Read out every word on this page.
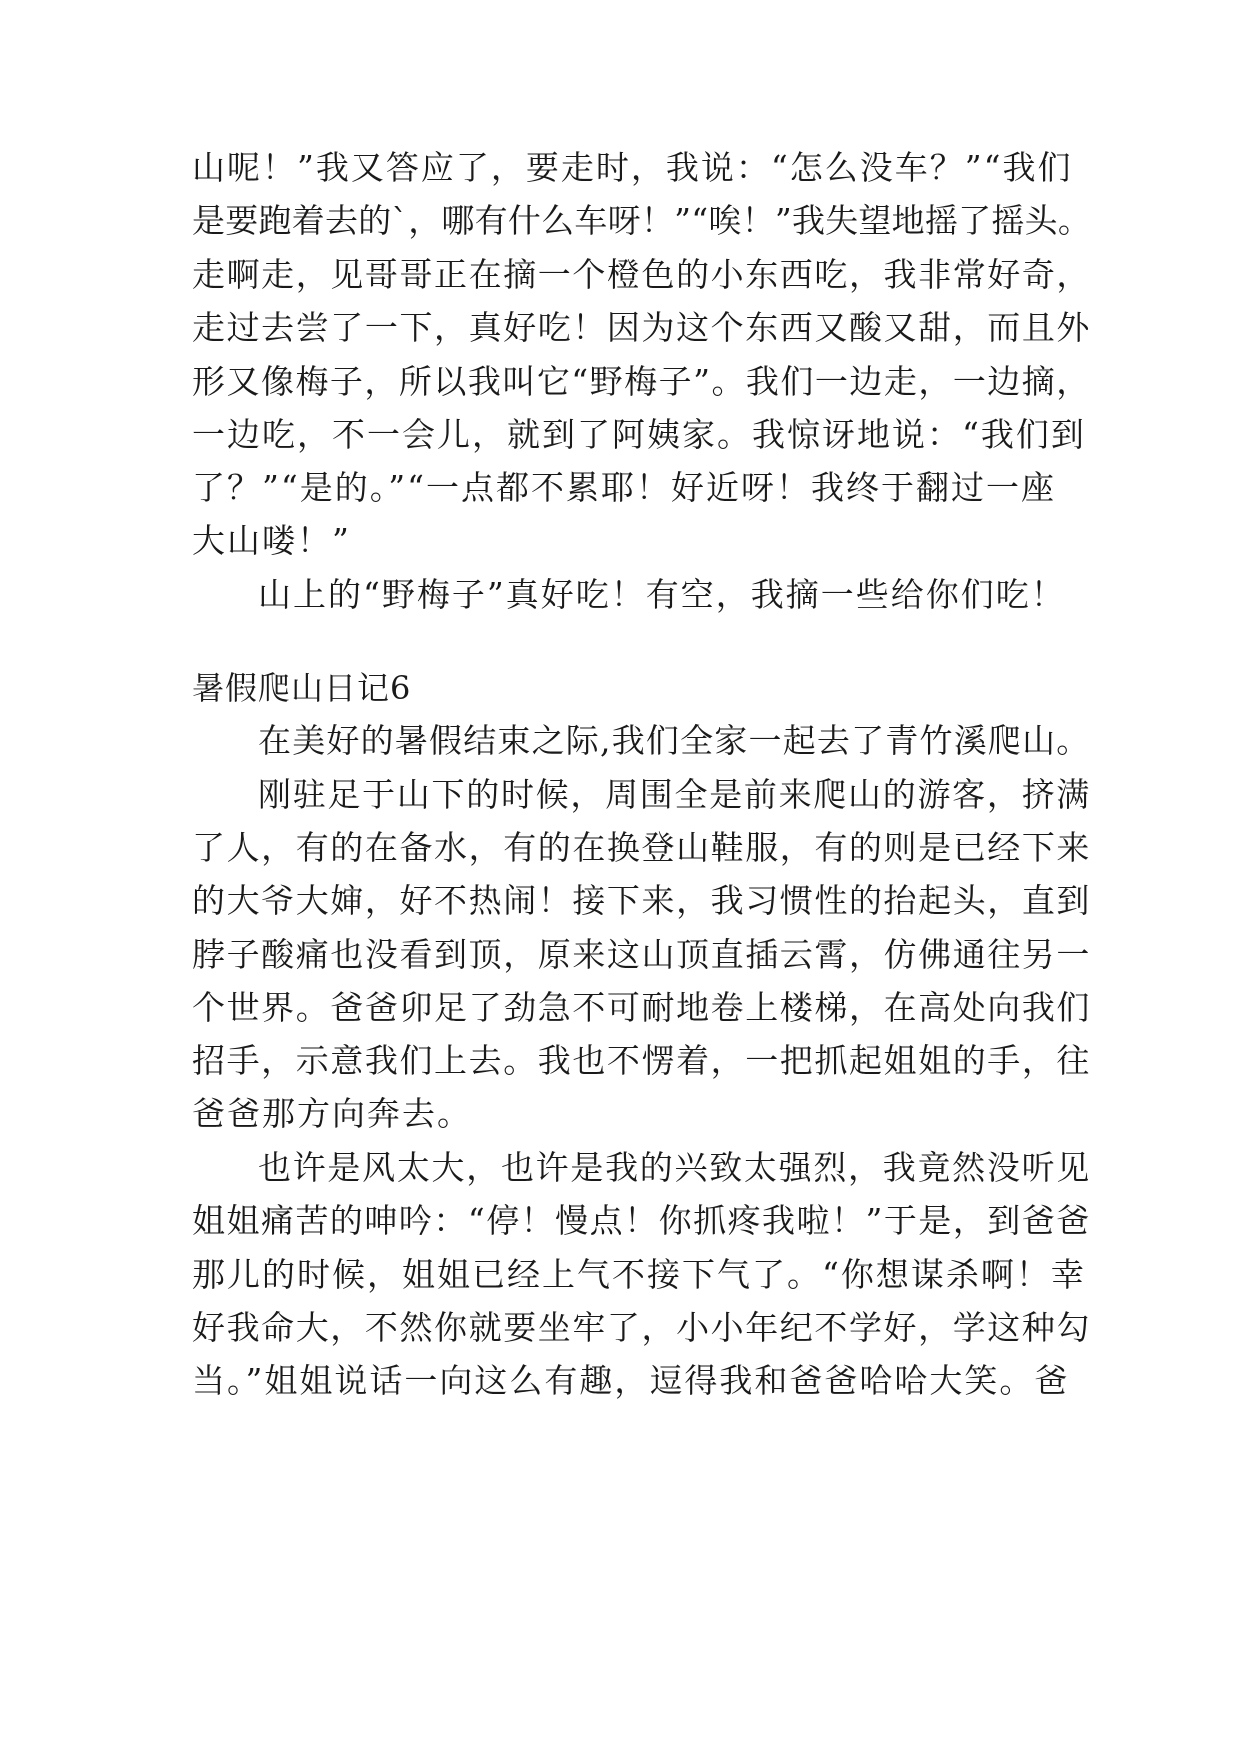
山呢！”我又答应了，要走时，我说：“怎么没车？”“我们
是要跑着去的`，哪有什么车呀！”“唉！”我失望地摇了摇头。
走啊走，见哥哥正在摘一个橙色的小东西吃，我非常好奇，
走过去尝了一下，真好吃！因为这个东西又酸又甜，而且外
形又像梅子，所以我叫它“野梅子”。我们一边走，一边摘，
一边吃，不一会儿，就到了阿姨家。我惊讶地说：“我们到
了？”“是的。”“一点都不累耶！好近呀！我终于翻过一座
大山喽！”
山上的“野梅子”真好吃！有空，我摘一些给你们吃！
暑假爬山日记6
在美好的暑假结束之际,我们全家一起去了青竹溪爬山。
刚驻足于山下的时候，周围全是前来爬山的游客，挤满
了人，有的在备水，有的在换登山鞋服，有的则是已经下来
的大爷大婶，好不热闹！接下来，我习惯性的抬起头，直到
脖子酸痛也没看到顶，原来这山顶直插云霄，仿佛通往另一
个世界。爸爸卯足了劲急不可耐地卷上楼梯，在高处向我们
招手，示意我们上去。我也不愣着，一把抓起姐姐的手，往
爸爸那方向奔去。
也许是风太大，也许是我的兴致太强烈，我竟然没听见
姐姐痛苦的呻吟：“停！慢点！你抓疼我啦！”于是，到爸爸
那儿的时候，姐姐已经上气不接下气了。“你想谋杀啊！幸
好我命大，不然你就要坐牢了，小小年纪不学好，学这种勾
当。”姐姐说话一向这么有趣，逗得我和爸爸哈哈大笑。爸
